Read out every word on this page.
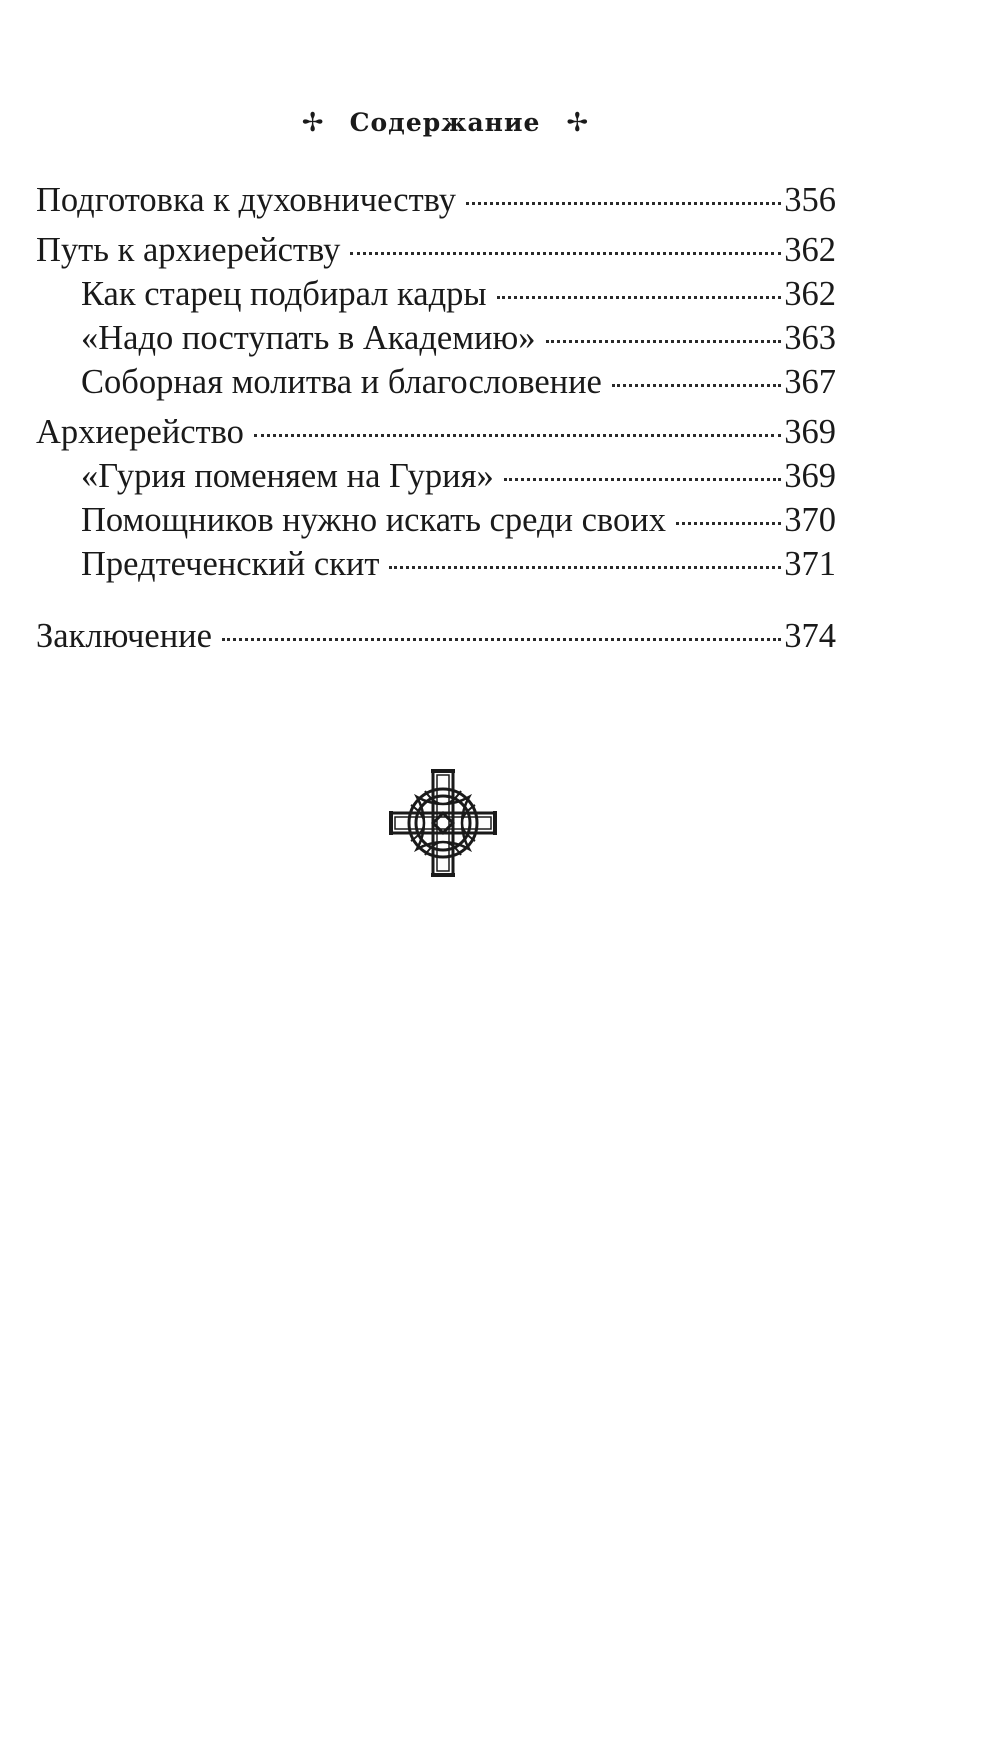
✢ Содержание ✢
Подготовка к духовничеству	356
Путь к архиерейству	362
Как старец подбирал кадры	362
«Надо поступать в Академию»	363
Соборная молитва и благословение	367
Архиерейство	369
«Гурия поменяем на Гурия»	369
Помощников нужно искать среди своих	370
Предтеченский скит	371
Заключение	374
